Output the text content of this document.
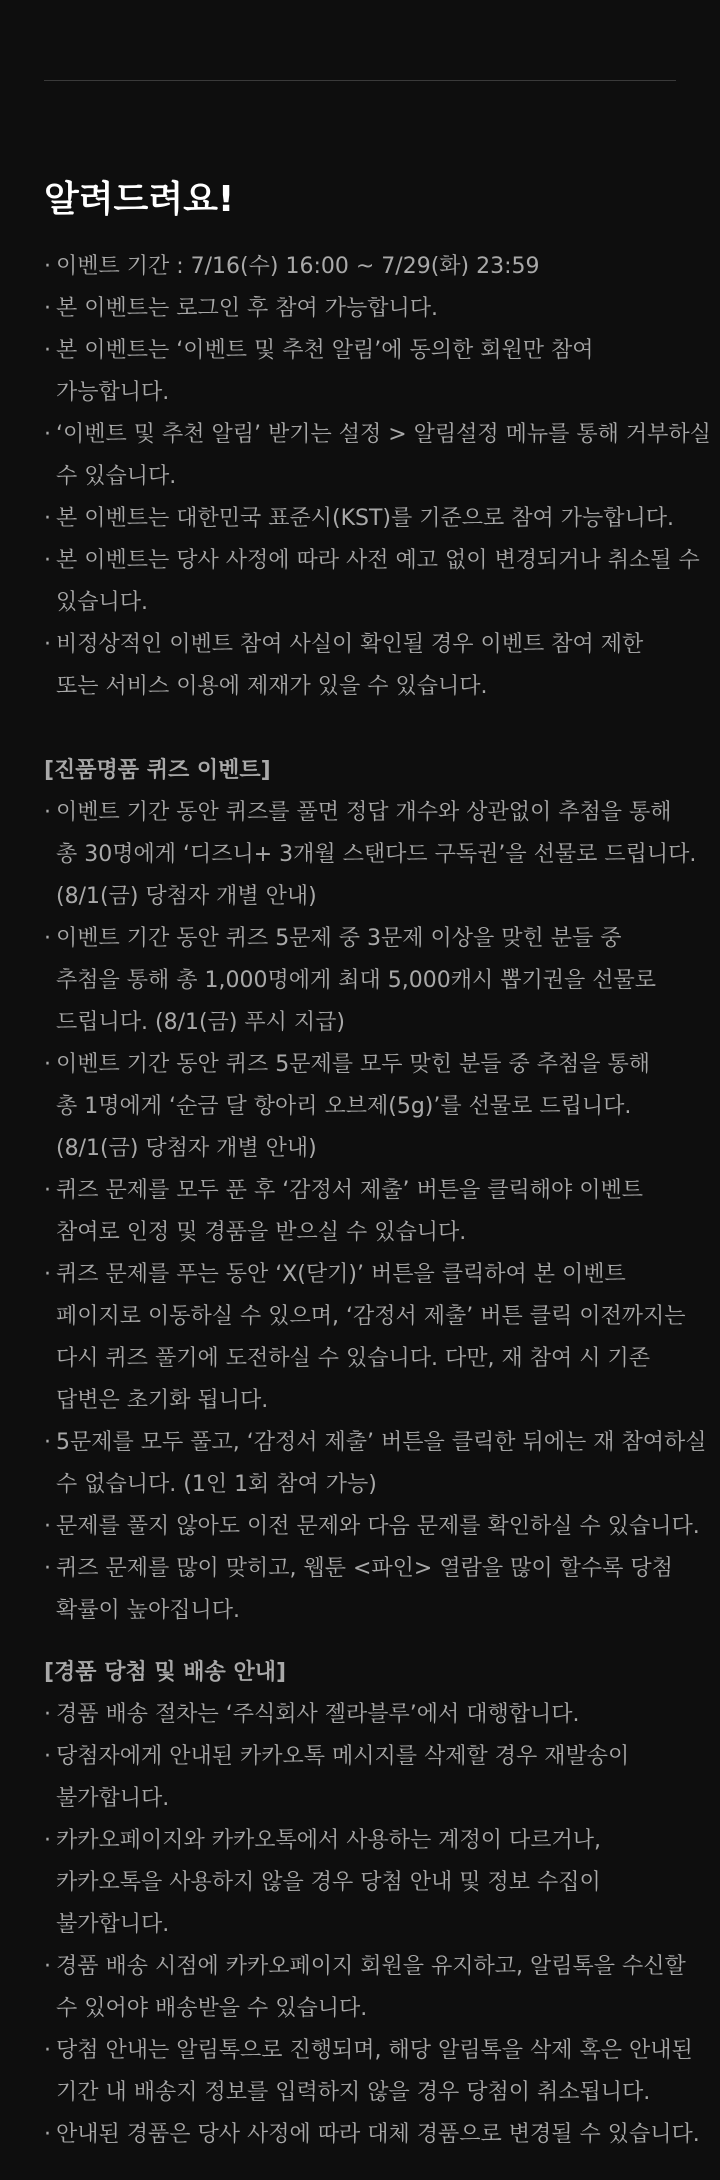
알려드려요!
· 이벤트 기간 : 7/16(수) 16:00 ~ 7/29(화) 23:59
· 본 이벤트는 로그인 후 참여 가능합니다.
· 본 이벤트는 ‘이벤트 및 추천 알림’에 동의한 회원만 참여
가능합니다.
· ‘이벤트 및 추천 알림’ 받기는 설정 > 알림설정 메뉴를 통해 거부하실
수 있습니다.
· 본 이벤트는 대한민국 표준시(KST)를 기준으로 참여 가능합니다.
· 본 이벤트는 당사 사정에 따라 사전 예고 없이 변경되거나 취소될 수
있습니다.
· 비정상적인 이벤트 참여 사실이 확인될 경우 이벤트 참여 제한
또는 서비스 이용에 제재가 있을 수 있습니다.
[진품명품 퀴즈 이벤트]
· 이벤트 기간 동안 퀴즈를 풀면 정답 개수와 상관없이 추첨을 통해
총 30명에게 ‘디즈니+ 3개월 스탠다드 구독권’을 선물로 드립니다.
(8/1(금) 당첨자 개별 안내)
· 이벤트 기간 동안 퀴즈 5문제 중 3문제 이상을 맞힌 분들 중
추첨을 통해 총 1,000명에게 최대 5,000캐시 뽑기권을 선물로
드립니다. (8/1(금) 푸시 지급)
· 이벤트 기간 동안 퀴즈 5문제를 모두 맞힌 분들 중 추첨을 통해
총 1명에게 ‘순금 달 항아리 오브제(5g)’를 선물로 드립니다.
(8/1(금) 당첨자 개별 안내)
· 퀴즈 문제를 모두 푼 후 ‘감정서 제출’ 버튼을 클릭해야 이벤트
참여로 인정 및 경품을 받으실 수 있습니다.
· 퀴즈 문제를 푸는 동안 ‘X(닫기)’ 버튼을 클릭하여 본 이벤트
페이지로 이동하실 수 있으며, ‘감정서 제출’ 버튼 클릭 이전까지는
다시 퀴즈 풀기에 도전하실 수 있습니다. 다만, 재 참여 시 기존
답변은 초기화 됩니다.
· 5문제를 모두 풀고, ‘감정서 제출’ 버튼을 클릭한 뒤에는 재 참여하실
수 없습니다. (1인 1회 참여 가능)
· 문제를 풀지 않아도 이전 문제와 다음 문제를 확인하실 수 있습니다.
· 퀴즈 문제를 많이 맞히고, 웹툰 <파인> 열람을 많이 할수록 당첨
확률이 높아집니다.
[경품 당첨 및 배송 안내]
· 경품 배송 절차는 ‘주식회사 젤라블루’에서 대행합니다.
· 당첨자에게 안내된 카카오톡 메시지를 삭제할 경우 재발송이
불가합니다.
· 카카오페이지와 카카오톡에서 사용하는 계정이 다르거나,
카카오톡을 사용하지 않을 경우 당첨 안내 및 정보 수집이
불가합니다.
· 경품 배송 시점에 카카오페이지 회원을 유지하고, 알림톡을 수신할
수 있어야 배송받을 수 있습니다.
· 당첨 안내는 알림톡으로 진행되며, 해당 알림톡을 삭제 혹은 안내된
기간 내 배송지 정보를 입력하지 않을 경우 당첨이 취소됩니다.
· 안내된 경품은 당사 사정에 따라 대체 경품으로 변경될 수 있습니다.
